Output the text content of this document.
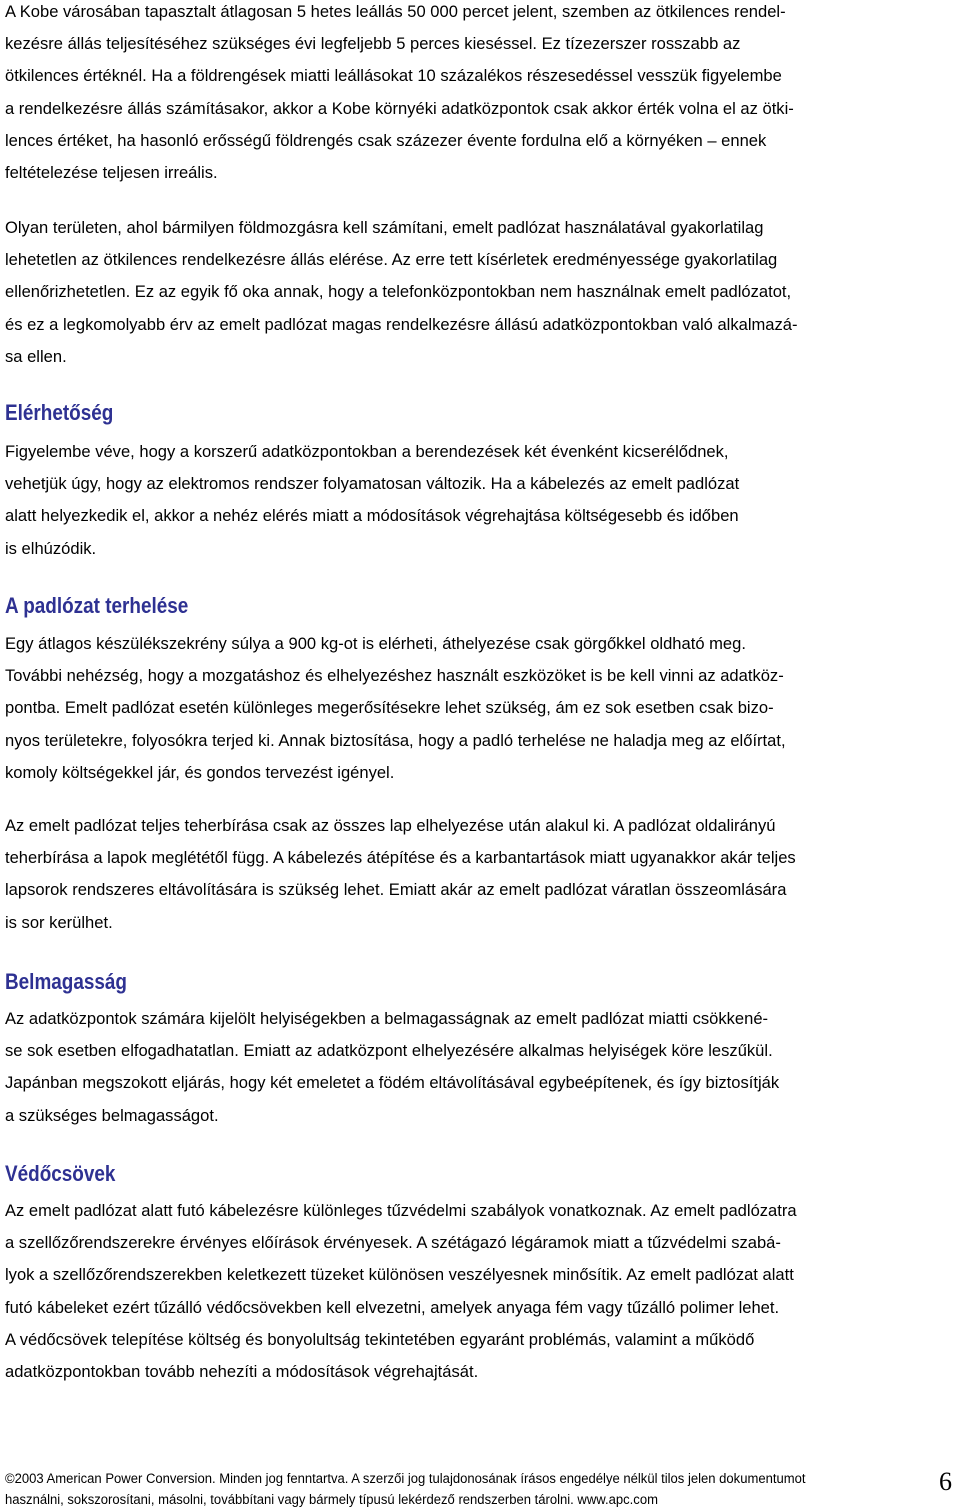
A Kobe városában tapasztalt átlagosan 5 hetes leállás 50 000 percet jelent, szemben az ötkilences rendel-
kezésre állás teljesítéséhez szükséges évi legfeljebb 5 perces kieséssel. Ez tízezerszer rosszabb az
ötkilences értéknél. Ha a földrengések miatti leállásokat 10 százalékos részesedéssel vesszük figyelembe
a rendelkezésre állás számításakor, akkor a Kobe környéki adatközpontok csak akkor érték volna el az ötki-
lences értéket, ha hasonló erősségű földrengés csak százezer évente fordulna elő a környéken – ennek
feltételezése teljesen irreális.

Olyan területen, ahol bármilyen földmozgásra kell számítani, emelt padlózat használatával gyakorlatilag
lehetetlen az ötkilences rendelkezésre állás elérése. Az erre tett kísérletek eredményessége gyakorlatilag
ellenőrizhetetlen. Ez az egyik fő oka annak, hogy a telefonközpontokban nem használnak emelt padlózatot,
és ez a legkomolyabb érv az emelt padlózat magas rendelkezésre állású adatközpontokban való alkalmazá-
sa ellen.

Elérhetőség

Figyelembe véve, hogy a korszerű adatközpontokban a berendezések két évenként kicserélődnek,
vehetjük úgy, hogy az elektromos rendszer folyamatosan változik. Ha a kábelezés az emelt padlózat
alatt helyezkedik el, akkor a nehéz elérés miatt a módosítások végrehajtása költségesebb és időben
is elhúzódik.

A padlózat terhelése

Egy átlagos készülékszekrény súlya a 900 kg-ot is elérheti, áthelyezése csak görgőkkel oldható meg.
További nehézség, hogy a mozgatáshoz és elhelyezéshez használt eszközöket is be kell vinni az adatköz-
pontba. Emelt padlózat esetén különleges megerősítésekre lehet szükség, ám ez sok esetben csak bizo-
nyos területekre, folyosókra terjed ki. Annak biztosítása, hogy a padló terhelése ne haladja meg az előírtat,
komoly költségekkel jár, és gondos tervezést igényel.

Az emelt padlózat teljes teherbírása csak az összes lap elhelyezése után alakul ki. A padlózat oldalirányú
teherbírása a lapok meglététől függ. A kábelezés átépítése és a karbantartások miatt ugyanakkor akár teljes
lapsorok rendszeres eltávolítására is szükség lehet. Emiatt akár az emelt padlózat váratlan összeomlására
is sor kerülhet.

Belmagasság

Az adatközpontok számára kijelölt helyiségekben a belmagasságnak az emelt padlózat miatti csökkené-
se sok esetben elfogadhatatlan. Emiatt az adatközpont elhelyezésére alkalmas helyiségek köre leszűkül.
Japánban megszokott eljárás, hogy két emeletet a födém eltávolításával egybeépítenek, és így biztosítják
a szükséges belmagasságot.

Védőcsövek

Az emelt padlózat alatt futó kábelezésre különleges tűzvédelmi szabályok vonatkoznak. Az emelt padlózatra
a szellőzőrendszerekre érvényes előírások érvényesek. A szétágazó légáramok miatt a tűzvédelmi szabá-
lyok a szellőzőrendszerekben keletkezett tüzeket különösen veszélyesnek minősítik. Az emelt padlózat alatt
futó kábeleket ezért tűzálló védőcsövekben kell elvezetni, amelyek anyaga fém vagy tűzálló polimer lehet.
A védőcsövek telepítése költség és bonyolultság tekintetében egyaránt problémás, valamint a működő
adatközpontokban tovább nehezíti a módosítások végrehajtását.

©2003 American Power Conversion. Minden jog fenntartva. A szerzői jog tulajdonosának írásos engedélye nélkül tilos jelen dokumentumot
használni, sokszorosítani, másolni, továbbítani vagy bármely típusú lekérdező rendszerben tárolni. www.apc.com
6
